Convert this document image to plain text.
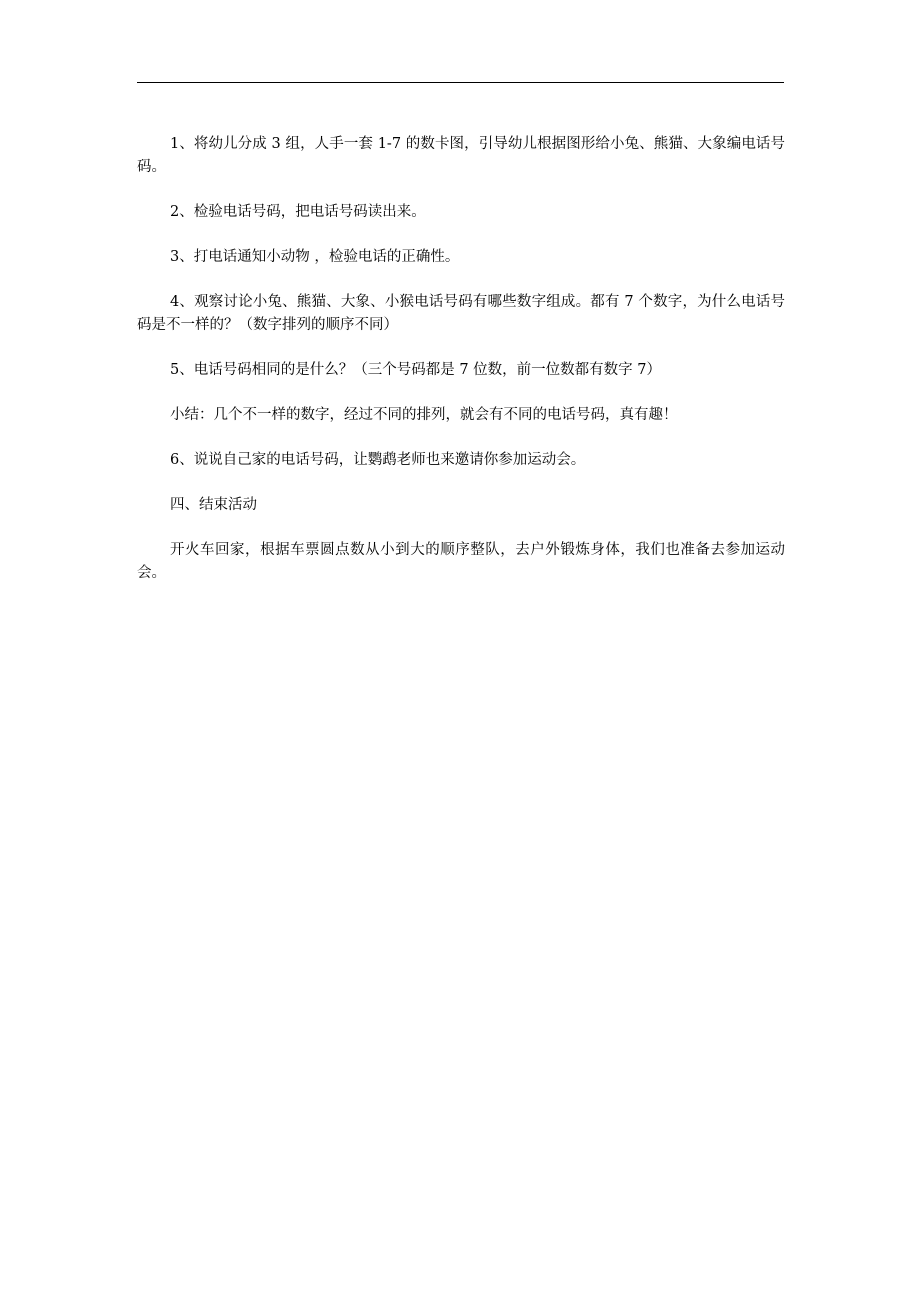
1、将幼儿分成 3 组，人手一套 1-7 的数卡图，引导幼儿根据图形给小兔、熊猫、大象编电话号码。

2、检验电话号码，把电话号码读出来。

3、打电话通知小动物 ，检验电话的正确性。

4、观察讨论小兔、熊猫、大象、小猴电话号码有哪些数字组成。都有 7 个数字，为什么电话号码是不一样的？（数字排列的顺序不同）

5、电话号码相同的是什么？（三个号码都是 7 位数，前一位数都有数字 7）

小结：几个不一样的数字，经过不同的排列，就会有不同的电话号码，真有趣！

6、说说自己家的电话号码，让鹦鹉老师也来邀请你参加运动会。

四、结束活动

开火车回家，根据车票圆点数从小到大的顺序整队，去户外锻炼身体，我们也准备去参加运动会。
